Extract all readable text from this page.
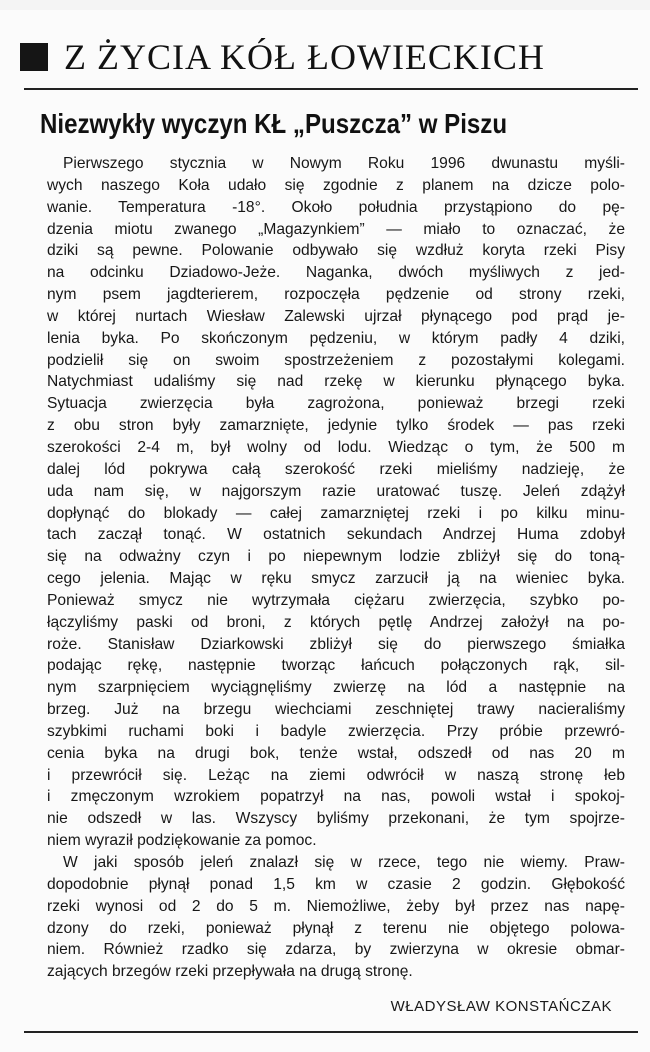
Z ŻYCIA KÓŁ ŁOWIECKICH
Niezwykły wyczyn KŁ „Puszcza” w Piszu
Pierwszego stycznia w Nowym Roku 1996 dwunastu myśli-
wych naszego Koła udało się zgodnie z planem na dzicze polo-
wanie. Temperatura -18°. Około południa przystąpiono do pę-
dzenia miotu zwanego „Magazynkiem” — miało to oznaczać, że
dziki są pewne. Polowanie odbywało się wzdłuż koryta rzeki Pisy
na odcinku Dziadowo-Jeże. Naganka, dwóch myśliwych z jed-
nym psem jagdterierem, rozpoczęła pędzenie od strony rzeki,
w której nurtach Wiesław Zalewski ujrzał płynącego pod prąd je-
lenia byka. Po skończonym pędzeniu, w którym padły 4 dziki,
podzielił się on swoim spostrzeżeniem z pozostałymi kolegami.
Natychmiast udaliśmy się nad rzekę w kierunku płynącego byka.
Sytuacja zwierzęcia była zagrożona, ponieważ brzegi rzeki
z obu stron były zamarznięte, jedynie tylko środek — pas rzeki
szerokości 2-4 m, był wolny od lodu. Wiedząc o tym, że 500 m
dalej lód pokrywa całą szerokość rzeki mieliśmy nadzieję, że
uda nam się, w najgorszym razie uratować tuszę. Jeleń zdążył
dopłynąć do blokady — całej zamarzniętej rzeki i po kilku minu-
tach zaczął tonąć. W ostatnich sekundach Andrzej Huma zdobył
się na odważny czyn i po niepewnym lodzie zbliżył się do toną-
cego jelenia. Mając w ręku smycz zarzucił ją na wieniec byka.
Ponieważ smycz nie wytrzymała ciężaru zwierzęcia, szybko po-
łączyliśmy paski od broni, z których pętlę Andrzej założył na po-
roże. Stanisław Dziarkowski zbliżył się do pierwszego śmiałka
podając rękę, następnie tworząc łańcuch połączonych rąk, sil-
nym szarpnięciem wyciągnęliśmy zwierzę na lód a następnie na
brzeg. Już na brzegu wiechciami zeschniętej trawy nacieraliśmy
szybkimi ruchami boki i badyle zwierzęcia. Przy próbie przewró-
cenia byka na drugi bok, tenże wstał, odszedł od nas 20 m
i przewrócił się. Leżąc na ziemi odwrócił w naszą stronę łeb
i zmęczonym wzrokiem popatrzył na nas, powoli wstał i spokoj-
nie odszedł w las. Wszyscy byliśmy przekonani, że tym spojrze-
niem wyraził podziękowanie za pomoc.
W jaki sposób jeleń znalazł się w rzece, tego nie wiemy. Praw-
dopodobnie płynął ponad 1,5 km w czasie 2 godzin. Głębokość
rzeki wynosi od 2 do 5 m. Niemożliwe, żeby był przez nas napę-
dzony do rzeki, ponieważ płynął z terenu nie objętego polowa-
niem. Również rzadko się zdarza, by zwierzyna w okresie obmar-
zających brzegów rzeki przepływała na drugą stronę.
WŁADYSŁAW KONSTAŃCZAK
